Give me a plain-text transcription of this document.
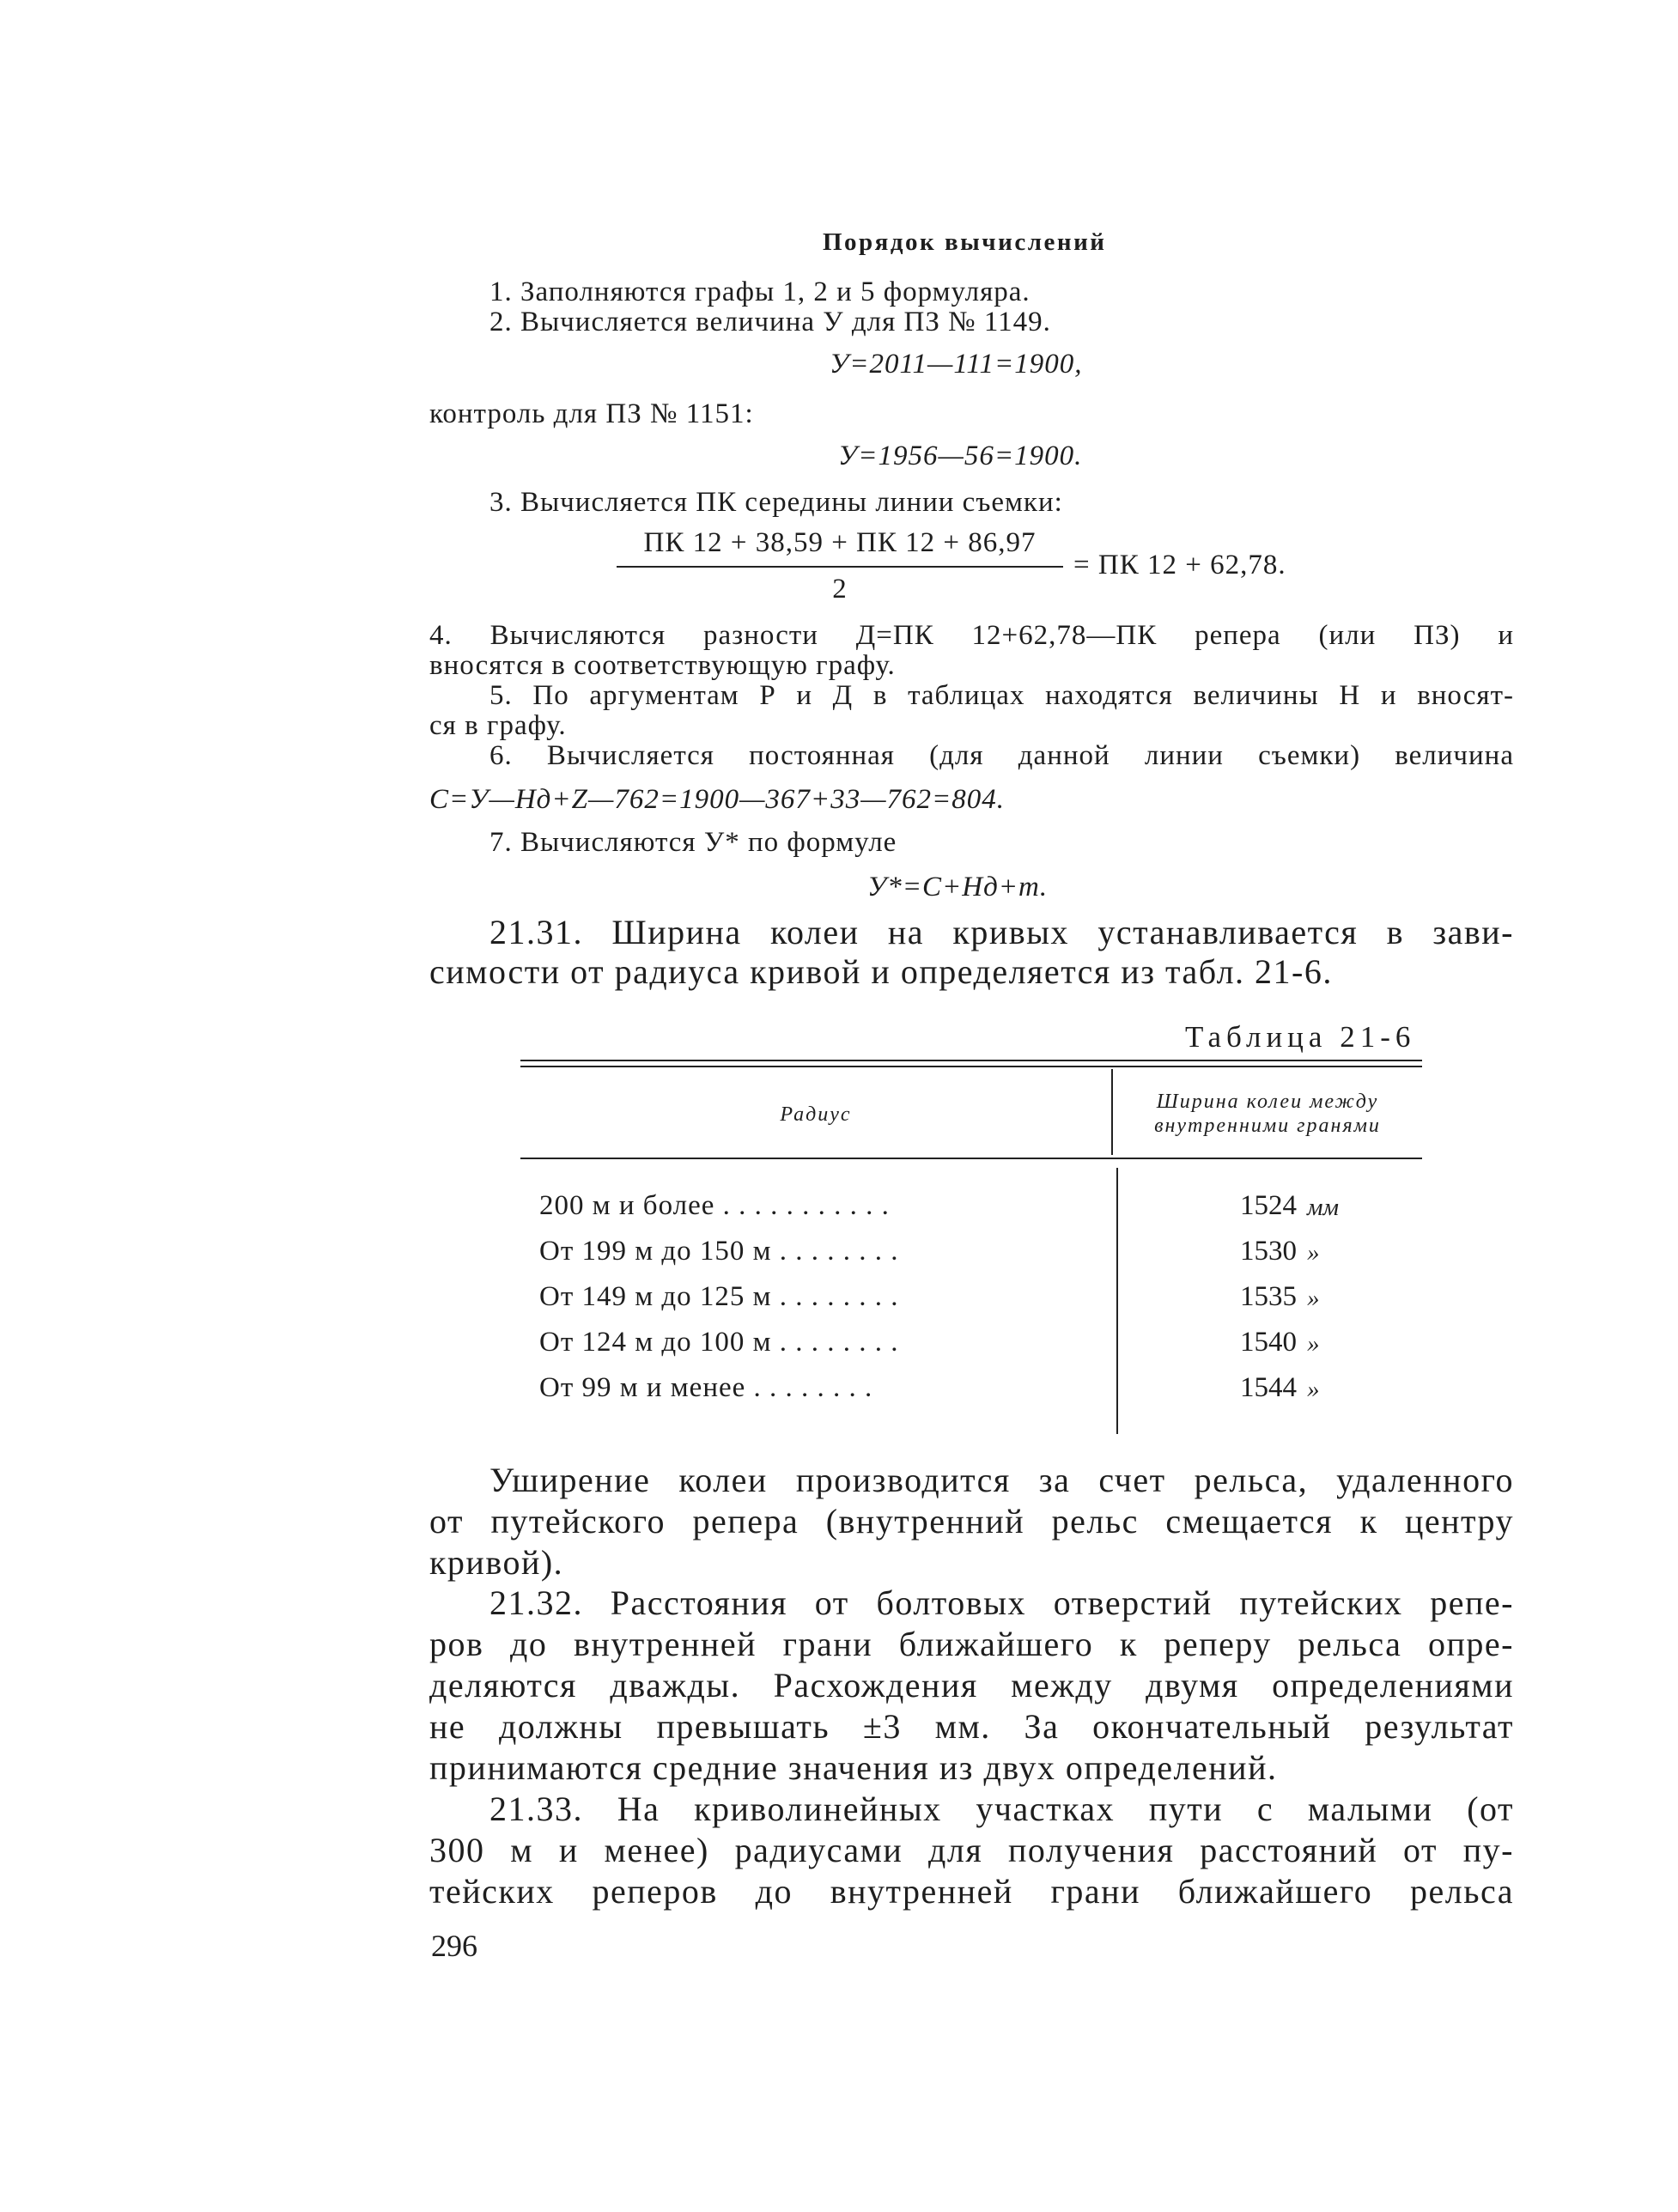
Порядок вычислений
1. Заполняются графы 1, 2 и 5 формуляра.
2. Вычисляется величина У для ПЗ № 1149.
У=2011—111=1900,
контроль для ПЗ № 1151:
У=1956—56=1900.
3. Вычисляется ПК середины линии съемки:
ПК 12 + 38,59 + ПК 12 + 86,97
2
= ПК 12 + 62,78.
4. Вычисляются разности Д=ПК 12+62,78—ПК репера (или ПЗ) и
вносятся в соответствующую графу.
5. По аргументам Р и Д в таблицах находятся величины Н и вносят-
ся в графу.
6. Вычисляется постоянная (для данной линии съемки) величина
С=У—Hд+Z—762=1900—367+33—762=804.
7. Вычисляются У* по формуле
У*=С+Hд+m.
21.31. Ширина колеи на кривых устанавливается в зави-
симости от радиуса кривой и определяется из табл. 21-6.
Таблица 21-6
Радиус
Ширина колеи между
внутренними гранями
200 м и более . . . . . . . . . . .	1524 мм
От 199 м до 150 м . . . . . . . .	1530 »
От 149 м до 125 м . . . . . . . .	1535 »
От 124 м до 100 м . . . . . . . .	1540 »
От 99 м и менее . . . . . . . .	1544 »
Уширение колеи производится за счет рельса, удаленного
от путейского репера (внутренний рельс смещается к центру
кривой).
21.32. Расстояния от болтовых отверстий путейских репе-
ров до внутренней грани ближайшего к реперу рельса опре-
деляются дважды. Расхождения между двумя определениями
не должны превышать ±3 мм. За окончательный результат
принимаются средние значения из двух определений.
21.33. На криволинейных участках пути с малыми (от
300 м и менее) радиусами для получения расстояний от пу-
тейских реперов до внутренней грани ближайшего рельса
296
